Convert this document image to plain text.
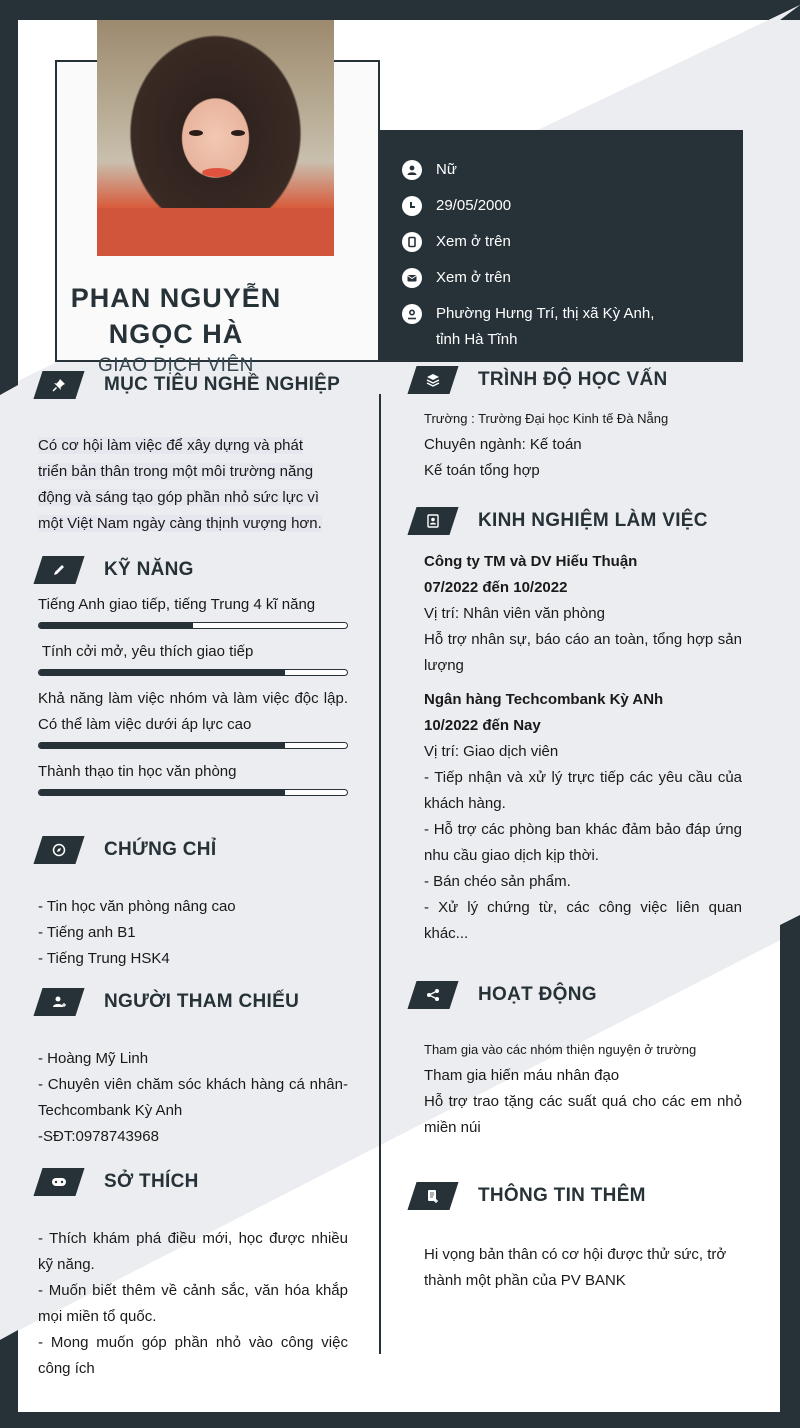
PHAN NGUYỄN
NGỌC HÀ
GIAO DỊCH VIÊN
Nữ
29/05/2000
Xem ở trên
Xem ở trên
Phường Hưng Trí, thị xã Kỳ Anh,
tỉnh Hà Tĩnh
MỤC TIÊU NGHỀ NGHIỆP
Có cơ hội làm việc để xây dựng và phát
triển bản thân trong một môi trường năng
động và sáng tạo góp phần nhỏ sức lực vì
một Việt Nam ngày càng thịnh vượng hơn.
KỸ NĂNG
Tiếng Anh giao tiếp, tiếng Trung 4 kĩ năng
Tính cởi mở, yêu thích giao tiếp
Khả năng làm việc nhóm và làm việc độc lập. Có thể làm việc dưới áp lực cao
Thành thạo tin học văn phòng
CHỨNG CHỈ
- Tin học văn phòng nâng cao
- Tiếng anh B1
- Tiếng Trung HSK4
NGƯỜI THAM CHIẾU
- Hoàng Mỹ Linh
- Chuyên viên chăm sóc khách hàng cá nhân-Techcombank Kỳ Anh
-SĐT:0978743968
SỞ THÍCH
- Thích khám phá điều mới, học được nhiều kỹ năng.
- Muốn biết thêm về cảnh sắc, văn hóa khắp mọi miền tổ quốc.
- Mong muốn góp phần nhỏ vào công việc công ích
TRÌNH ĐỘ HỌC VẤN
Trường : Trường Đại học Kinh tế Đà Nẵng
Chuyên ngành: Kế toán
Kế toán tổng hợp
KINH NGHIỆM LÀM VIỆC
Công ty TM và DV Hiếu Thuận
07/2022 đến 10/2022
Vị trí: Nhân viên văn phòng
Hỗ trợ nhân sự, báo cáo an toàn, tổng hợp sản lượng
Ngân hàng Techcombank Kỳ ANh
10/2022 đến Nay
Vị trí: Giao dịch viên
- Tiếp nhận và xử lý trực tiếp các yêu cầu của khách hàng.
- Hỗ trợ các phòng ban khác đảm bảo đáp ứng nhu cầu giao dịch kịp thời.
- Bán chéo sản phẩm.
- Xử lý chứng từ, các công việc liên quan khác...
HOẠT ĐỘNG
Tham gia vào các nhóm thiện nguyện ở trường
Tham gia hiến máu nhân đạo
Hỗ trợ trao tặng các suất quá cho các em nhỏ miền núi
THÔNG TIN THÊM
Hi vọng bản thân có cơ hội được thử sức, trở thành một phần của PV BANK
